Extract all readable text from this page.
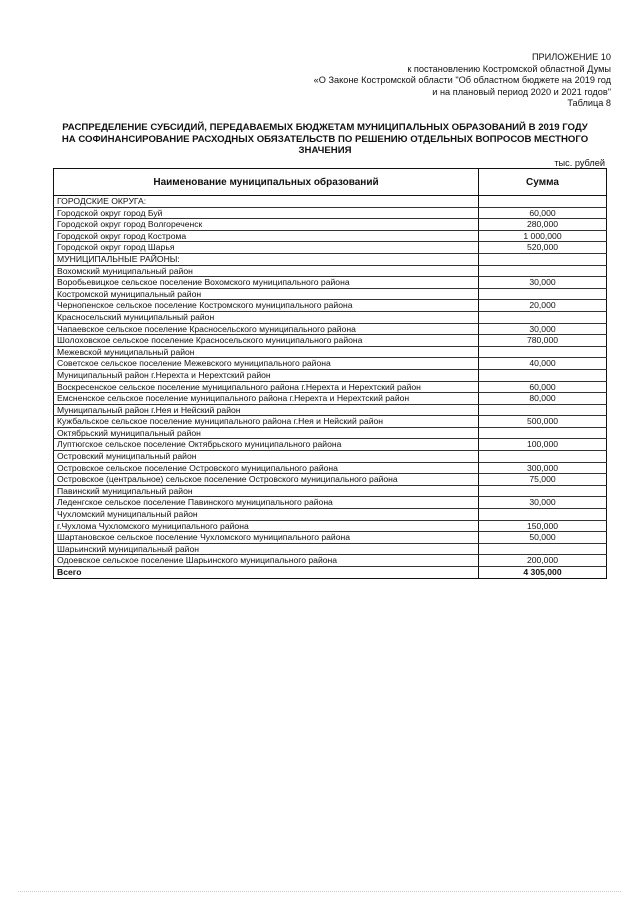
ПРИЛОЖЕНИЕ 10
к постановлению Костромской областной Думы
«О Законе Костромской области "Об областном бюджете на 2019 год
и на плановый период 2020 и 2021 годов"
Таблица 8
РАСПРЕДЕЛЕНИЕ СУБСИДИЙ, ПЕРЕДАВАЕМЫХ БЮДЖЕТАМ МУНИЦИПАЛЬНЫХ ОБРАЗОВАНИЙ В 2019 ГОДУ
НА СОФИНАНСИРОВАНИЕ РАСХОДНЫХ ОБЯЗАТЕЛЬСТВ ПО РЕШЕНИЮ ОТДЕЛЬНЫХ ВОПРОСОВ МЕСТНОГО
ЗНАЧЕНИЯ
тыс. рублей
Наименование муниципальных образований	Сумма
ГОРОДСКИЕ ОКРУГА:	
Городской округ город Буй	60,000
Городской округ город Волгореченск	280,000
Городской округ город Кострома	1 000,000
Городской округ город Шарья	520,000
МУНИЦИПАЛЬНЫЕ РАЙОНЫ:	
Вохомский муниципальный район	
Воробьевицкое сельское поселение Вохомского муниципального района	30,000
Костромской муниципальный район	
Чернопенское сельское поселение Костромского муниципального района	20,000
Красносельский муниципальный район	
Чапаевское сельское поселение Красносельского муниципального района	30,000
Шолоховское сельское поселение Красносельского муниципального района	780,000
Межевской муниципальный район	
Советское сельское поселение Межевского муниципального района	40,000
Муниципальный район г.Нерехта и Нерехтский район	
Воскресенское сельское поселение муниципального района г.Нерехта и Нерехтский район	60,000
Емсненское сельское поселение муниципального района г.Нерехта и Нерехтский район	80,000
Муниципальный район г.Нея и Нейский район	
Кужбальское сельское поселение муниципального района г.Нея и Нейский район	500,000
Октябрьский муниципальный район	
Луптюгское сельское поселение Октябрьского муниципального района	100,000
Островский муниципальный район	
Островское сельское поселение Островского муниципального района	300,000
Островское (центральное) сельское поселение Островского муниципального района	75,000
Павинский муниципальный район	
Леденгское сельское поселение Павинского муниципального района	30,000
Чухломский муниципальный район	
г.Чухлома Чухломского муниципального района	150,000
Шартановское сельское поселение Чухломского муниципального района	50,000
Шарьинский муниципальный район	
Одоевское сельское поселение Шарьинского муниципального района	200,000
Всего	4 305,000
